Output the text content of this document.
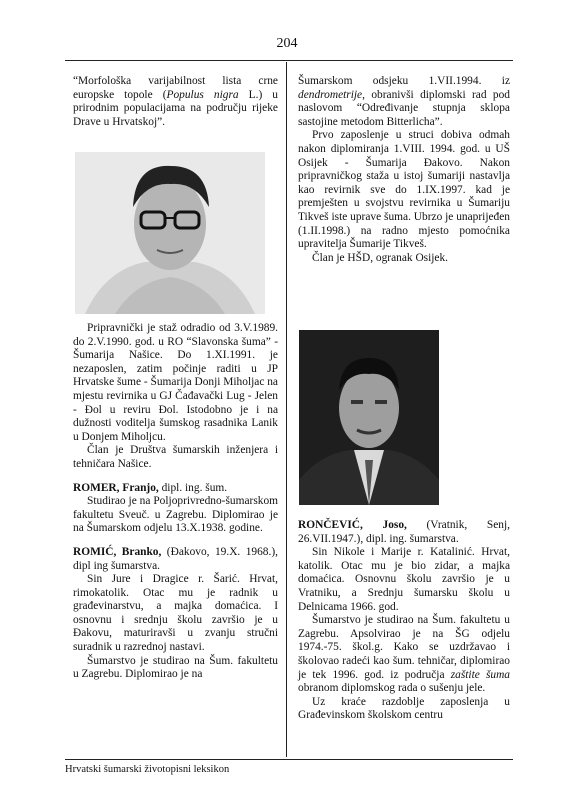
204

“Morfološka varijabilnost lista crne europske topole (Populus nigra L.) u prirodnim populacijama na području rijeke Drave u Hrvatskoj”.

Pripravnički je staž odradio od 3.V.1989. do 2.V.1990. god. u RO “Slavonska šuma” - Šumarija Našice. Do 1.XI.1991. je nezaposlen, zatim počinje raditi u JP Hrvatske šume - Šumarija Donji Miholjac na mjestu revirnika u GJ Čađavački Lug - Jelen - Đol u reviru Đol. Istodobno je i na dužnosti voditelja šumskog rasadnika Lanik u Donjem Miholjcu.

Član je Društva šumarskih inženjera i tehničara Našice.

ROMER, Franjo, dipl. ing. šum.

Studirao je na Poljoprivredno-šumarskom fakultetu Sveuč. u Zagrebu. Diplomirao je na Šumarskom odjelu 13.X.1938. godine.

ROMIĆ, Branko, (Đakovo, 19.X. 1968.), dipl ing šumarstva.

Sin Jure i Dragice r. Šarić. Hrvat, rimokatolik. Otac mu je radnik u građevinarstvu, a majka domaćica. I osnovnu i srednju školu završio je u Đakovu, maturiravši u zvanju stručni suradnik u razrednoj nastavi.

Šumarstvo je studirao na Šum. fakultetu u Zagrebu. Diplomirao je na

Šumarskom odsjeku 1.VII.1994. iz dendrometrije, obranivši diplomski rad pod naslovom “Određivanje stupnja sklopa sastojine metodom Bitterlicha”.

Prvo zaposlenje u struci dobiva odmah nakon diplomiranja 1.VIII. 1994. god. u UŠ Osijek - Šumarija Đakovo. Nakon pripravničkog staža u istoj šumariji nastavlja kao revirnik sve do 1.IX.1997. kad je premješten u svojstvu revirnika u Šumariju Tikveš iste uprave šuma. Ubrzo je unapriјeđen (1.II.1998.) na radno mjesto pomoćnika upravitelja Šumarije Tikveš.

Član je HŠD, ogranak Osijek.

RONČEVIĆ, Joso, (Vratnik, Senj, 26.VII.1947.), dipl. ing. šumarstva.

Sin Nikole i Marije r. Katalinić. Hrvat, katolik. Otac mu je bio zidar, a majka domaćica. Osnovnu školu završio je u Vratniku, a Srednju šumarsku školu u Delnicama 1966. god.

Šumarstvo je studirao na Šum. fakultetu u Zagrebu. Apsolvirao je na ŠG odjelu 1974.-75. škol.g. Kako se uzdržavao i školovao radeći kao šum. tehničar, diplomirao je tek 1996. god. iz područja zaštite šuma obranom diplomskog rada o sušenju jele.

Uz kraće razdoblje zaposlenja u Građevinskom školskom centru

Hrvatski šumarski životopisni leksikon
